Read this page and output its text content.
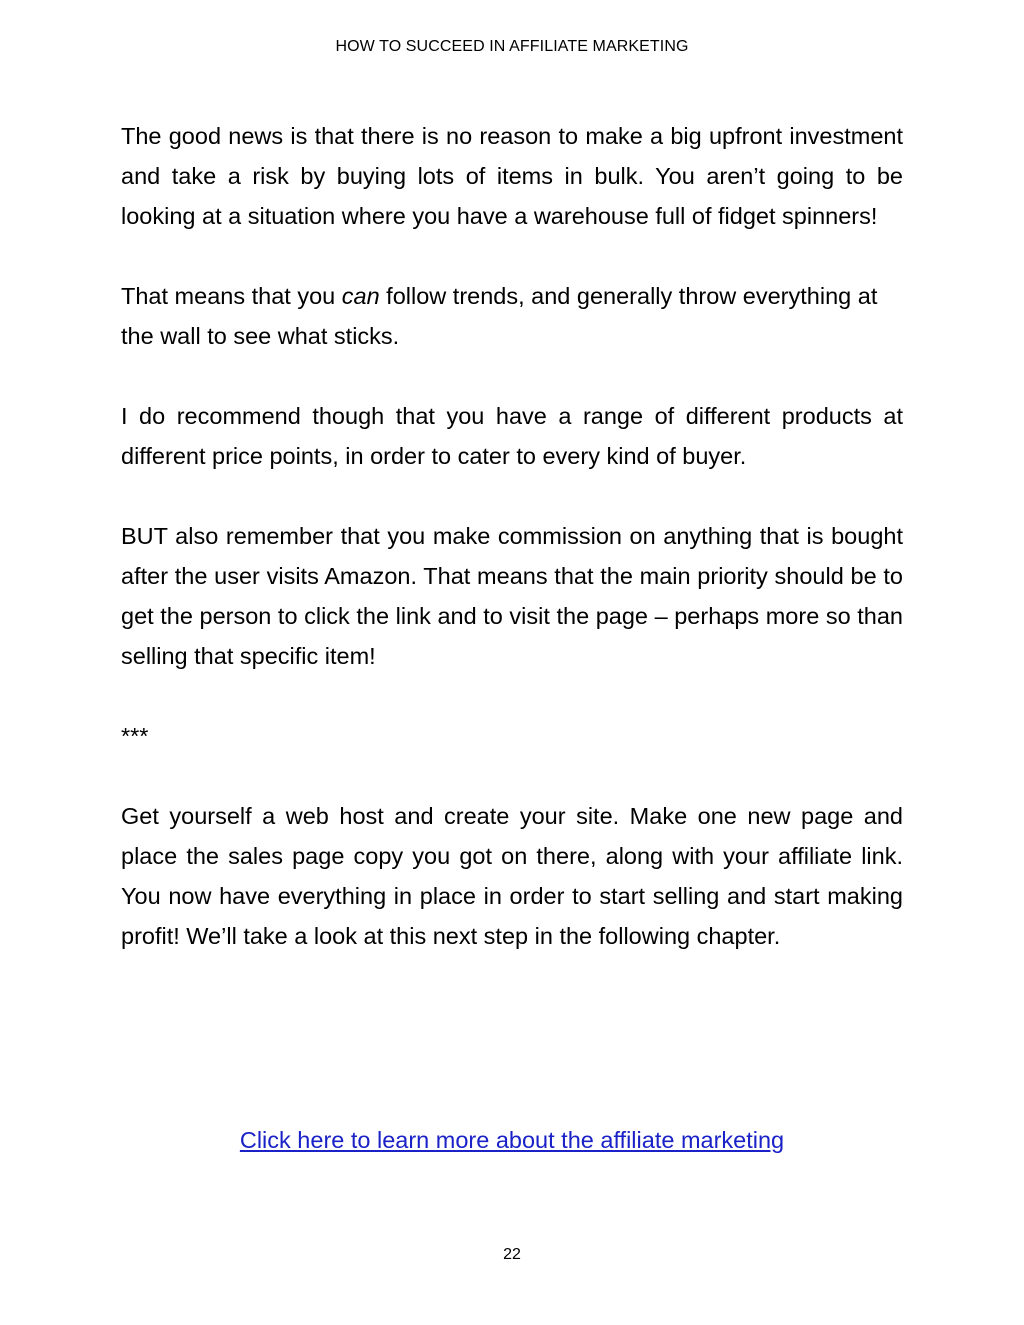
HOW TO SUCCEED IN AFFILIATE MARKETING

The good news is that there is no reason to make a big upfront investment and take a risk by buying lots of items in bulk. You aren’t going to be looking at a situation where you have a warehouse full of fidget spinners!

That means that you can follow trends, and generally throw everything at the wall to see what sticks.

I do recommend though that you have a range of different products at different price points, in order to cater to every kind of buyer.

BUT also remember that you make commission on anything that is bought after the user visits Amazon. That means that the main priority should be to get the person to click the link and to visit the page – perhaps more so than selling that specific item!

***

Get yourself a web host and create your site. Make one new page and place the sales page copy you got on there, along with your affiliate link. You now have everything in place in order to start selling and start making profit! We’ll take a look at this next step in the following chapter.

Click here to learn more about the affiliate marketing
22
